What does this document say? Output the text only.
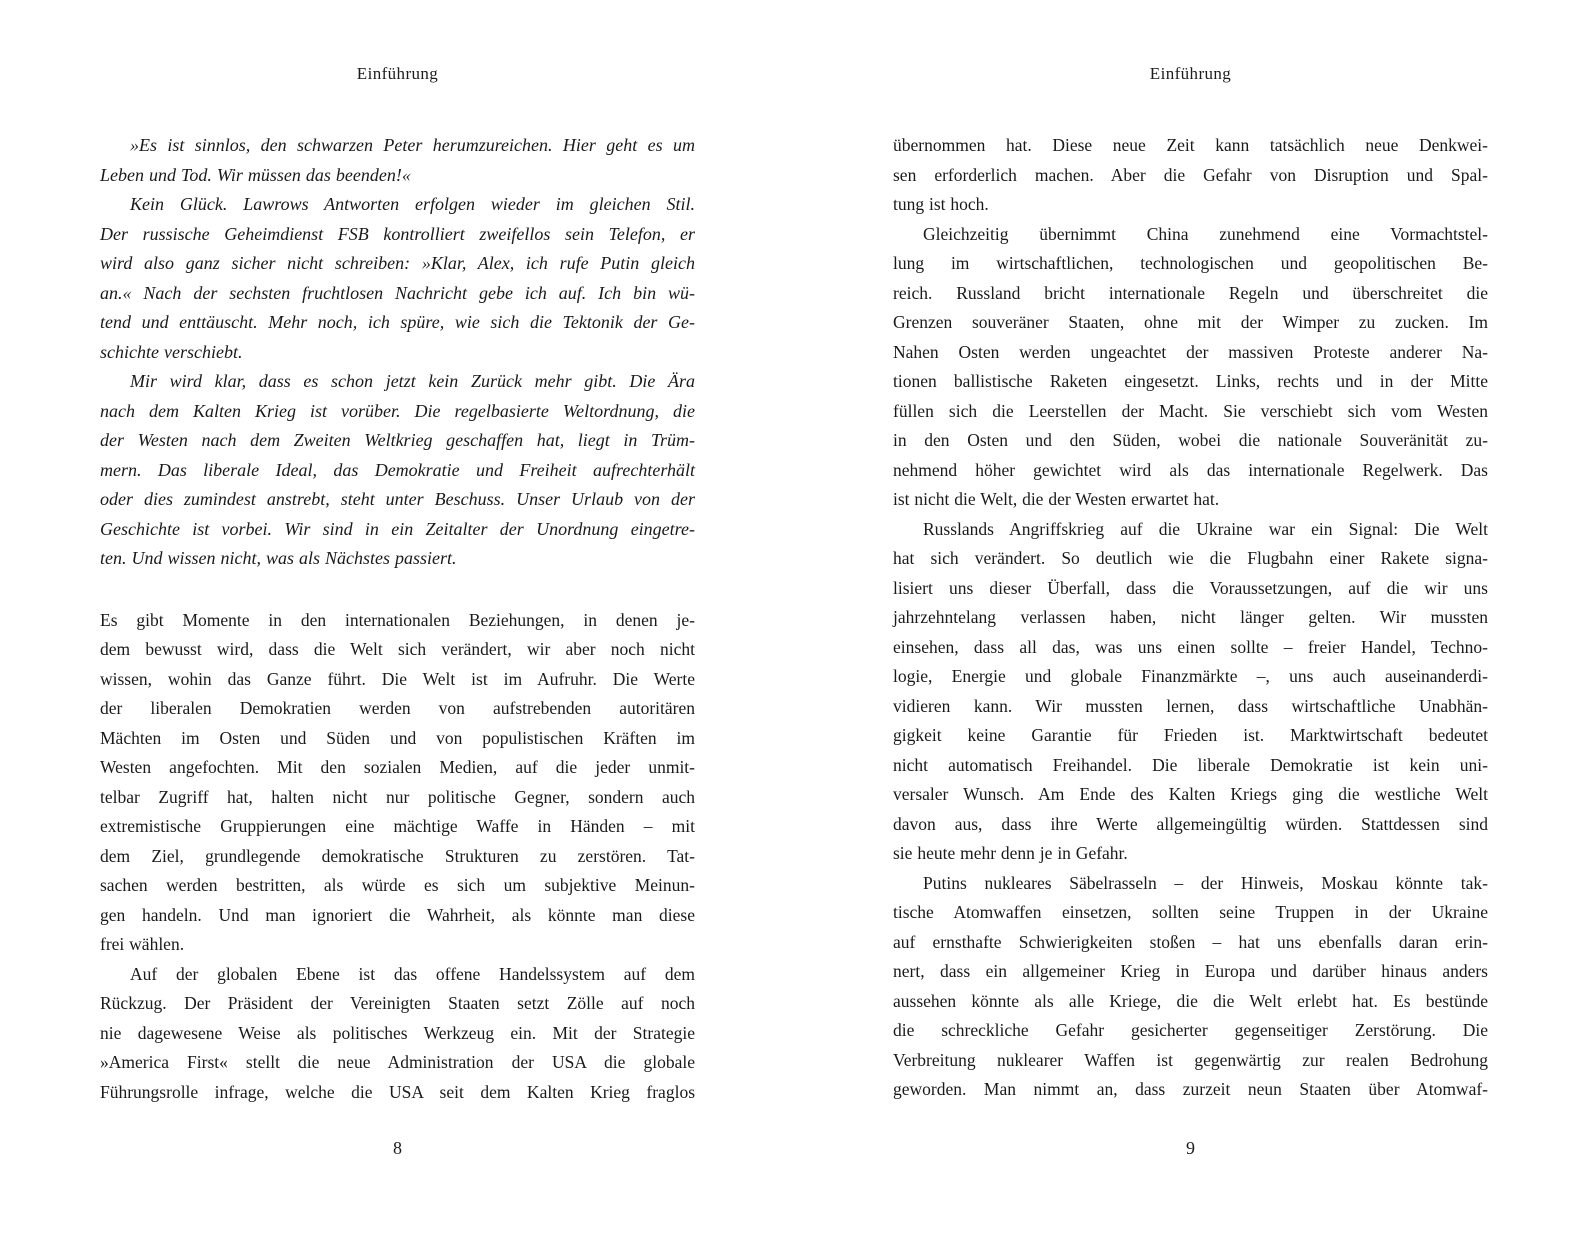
Einführung
»Es ist sinnlos, den schwarzen Peter herumzureichen. Hier geht es um
Leben und Tod. Wir müssen das beenden!«
Kein Glück. Lawrows Antworten erfolgen wieder im gleichen Stil.
Der russische Geheimdienst FSB kontrolliert zweifellos sein Telefon, er
wird also ganz sicher nicht schreiben: »Klar, Alex, ich rufe Putin gleich
an.« Nach der sechsten fruchtlosen Nachricht gebe ich auf. Ich bin wü-
tend und enttäuscht. Mehr noch, ich spüre, wie sich die Tektonik der Ge-
schichte verschiebt.
Mir wird klar, dass es schon jetzt kein Zurück mehr gibt. Die Ära
nach dem Kalten Krieg ist vorüber. Die regelbasierte Weltordnung, die
der Westen nach dem Zweiten Weltkrieg geschaffen hat, liegt in Trüm-
mern. Das liberale Ideal, das Demokratie und Freiheit aufrechterhält
oder dies zumindest anstrebt, steht unter Beschuss. Unser Urlaub von der
Geschichte ist vorbei. Wir sind in ein Zeitalter der Unordnung eingetre-
ten. Und wissen nicht, was als Nächstes passiert.
Es gibt Momente in den internationalen Beziehungen, in denen je-
dem bewusst wird, dass die Welt sich verändert, wir aber noch nicht
wissen, wohin das Ganze führt. Die Welt ist im Aufruhr. Die Werte
der liberalen Demokratien werden von aufstrebenden autoritären
Mächten im Osten und Süden und von populistischen Kräften im
Westen angefochten. Mit den sozialen Medien, auf die jeder unmit-
telbar Zugriff hat, halten nicht nur politische Gegner, sondern auch
extremistische Gruppierungen eine mächtige Waffe in Händen – mit
dem Ziel, grundlegende demokratische Strukturen zu zerstören. Tat-
sachen werden bestritten, als würde es sich um subjektive Meinun-
gen handeln. Und man ignoriert die Wahrheit, als könnte man diese
frei wählen.
Auf der globalen Ebene ist das offene Handelssystem auf dem
Rückzug. Der Präsident der Vereinigten Staaten setzt Zölle auf noch
nie dagewesene Weise als politisches Werkzeug ein. Mit der Strategie
»America First« stellt die neue Administration der USA die globale
Führungsrolle infrage, welche die USA seit dem Kalten Krieg fraglos
8
Einführung
übernommen hat. Diese neue Zeit kann tatsächlich neue Denkwei-
sen erforderlich machen. Aber die Gefahr von Disruption und Spal-
tung ist hoch.
Gleichzeitig übernimmt China zunehmend eine Vormachtstel-
lung im wirtschaftlichen, technologischen und geopolitischen Be-
reich. Russland bricht internationale Regeln und überschreitet die
Grenzen souveräner Staaten, ohne mit der Wimper zu zucken. Im
Nahen Osten werden ungeachtet der massiven Proteste anderer Na-
tionen ballistische Raketen eingesetzt. Links, rechts und in der Mitte
füllen sich die Leerstellen der Macht. Sie verschiebt sich vom Westen
in den Osten und den Süden, wobei die nationale Souveränität zu-
nehmend höher gewichtet wird als das internationale Regelwerk. Das
ist nicht die Welt, die der Westen erwartet hat.
Russlands Angriffskrieg auf die Ukraine war ein Signal: Die Welt
hat sich verändert. So deutlich wie die Flugbahn einer Rakete signa-
lisiert uns dieser Überfall, dass die Voraussetzungen, auf die wir uns
jahrzehntelang verlassen haben, nicht länger gelten. Wir mussten
einsehen, dass all das, was uns einen sollte – freier Handel, Techno-
logie, Energie und globale Finanzmärkte –, uns auch auseinanderdi-
vidieren kann. Wir mussten lernen, dass wirtschaftliche Unabhän-
gigkeit keine Garantie für Frieden ist. Marktwirtschaft bedeutet
nicht automatisch Freihandel. Die liberale Demokratie ist kein uni-
versaler Wunsch. Am Ende des Kalten Kriegs ging die westliche Welt
davon aus, dass ihre Werte allgemeingültig würden. Stattdessen sind
sie heute mehr denn je in Gefahr.
Putins nukleares Säbelrasseln – der Hinweis, Moskau könnte tak-
tische Atomwaffen einsetzen, sollten seine Truppen in der Ukraine
auf ernsthafte Schwierigkeiten stoßen – hat uns ebenfalls daran erin-
nert, dass ein allgemeiner Krieg in Europa und darüber hinaus anders
aussehen könnte als alle Kriege, die die Welt erlebt hat. Es bestünde
die schreckliche Gefahr gesicherter gegenseitiger Zerstörung. Die
Verbreitung nuklearer Waffen ist gegenwärtig zur realen Bedrohung
geworden. Man nimmt an, dass zurzeit neun Staaten über Atomwaf-
9
